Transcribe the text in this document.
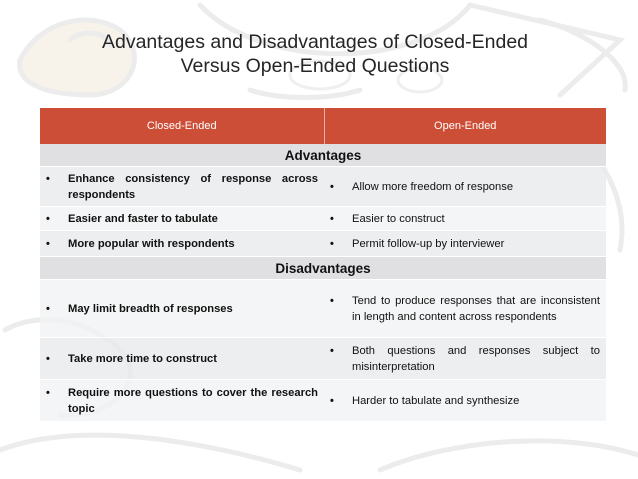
Advantages and Disadvantages of Closed-Ended
Versus Open-Ended Questions
Closed-Ended	Open-Ended
Advantages	

• Enhance consistency of response across respondents	• Allow more freedom of response

• Easier and faster to tabulate	• Easier to construct

• More popular with respondents	• Permit follow-up by interviewer

Disadvantages	

• May limit breadth of responses	• Tend to produce responses that are inconsistent in length and content across respondents

• Take more time to construct	• Both questions and responses subject to misinterpretation

• Require more questions to cover the research topic	• Harder to tabulate and synthesize
